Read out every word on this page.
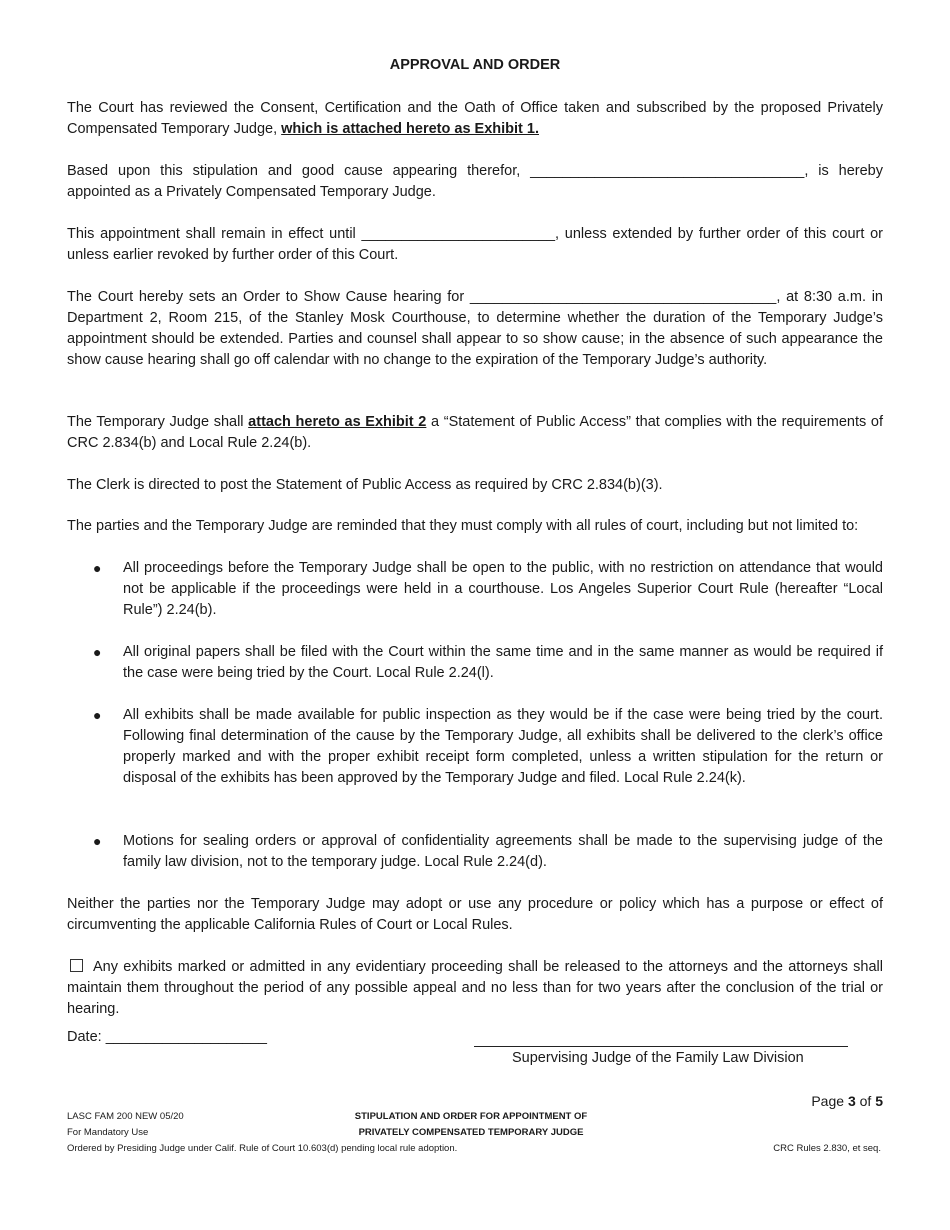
APPROVAL AND ORDER

The Court has reviewed the Consent, Certification and the Oath of Office taken and subscribed by the proposed Privately Compensated Temporary Judge, which is attached hereto as Exhibit 1.

Based upon this stipulation and good cause appearing therefor, __________________________________, is hereby appointed as a Privately Compensated Temporary Judge.

This appointment shall remain in effect until ________________________, unless extended by further order of this court or unless earlier revoked by further order of this Court.

The Court hereby sets an Order to Show Cause hearing for ______________________________________, at 8:30 a.m. in Department 2, Room 215, of the Stanley Mosk Courthouse, to determine whether the duration of the Temporary Judge’s appointment should be extended. Parties and counsel shall appear to so show cause; in the absence of such appearance the show cause hearing shall go off calendar with no change to the expiration of the Temporary Judge’s authority.

The Temporary Judge shall attach hereto as Exhibit 2 a “Statement of Public Access” that complies with the requirements of CRC 2.834(b) and Local Rule 2.24(b).

The Clerk is directed to post the Statement of Public Access as required by CRC 2.834(b)(3).

The parties and the Temporary Judge are reminded that they must comply with all rules of court, including but not limited to:

● All proceedings before the Temporary Judge shall be open to the public, with no restriction on attendance that would not be applicable if the proceedings were held in a courthouse. Los Angeles Superior Court Rule (hereafter “Local Rule”) 2.24(b).
● All original papers shall be filed with the Court within the same time and in the same manner as would be required if the case were being tried by the Court. Local Rule 2.24(l).
● All exhibits shall be made available for public inspection as they would be if the case were being tried by the court. Following final determination of the cause by the Temporary Judge, all exhibits shall be delivered to the clerk’s office properly marked and with the proper exhibit receipt form completed, unless a written stipulation for the return or disposal of the exhibits has been approved by the Temporary Judge and filed. Local Rule 2.24(k).
● Motions for sealing orders or approval of confidentiality agreements shall be made to the supervising judge of the family law division, not to the temporary judge. Local Rule 2.24(d).

Neither the parties nor the Temporary Judge may adopt or use any procedure or policy which has a purpose or effect of circumventing the applicable California Rules of Court or Local Rules.

Any exhibits marked or admitted in any evidentiary proceeding shall be released to the attorneys and the attorneys shall maintain them throughout the period of any possible appeal and no less than for two years after the conclusion of the trial or hearing.

Date: ____________________
Supervising Judge of the Family Law Division
Page 3 of 5
LASC FAM 200 NEW 05/20
For Mandatory Use
Ordered by Presiding Judge under Calif. Rule of Court 10.603(d) pending local rule adoption.
STIPULATION AND ORDER FOR APPOINTMENT OF
PRIVATELY COMPENSATED TEMPORARY JUDGE
CRC Rules 2.830, et seq.
